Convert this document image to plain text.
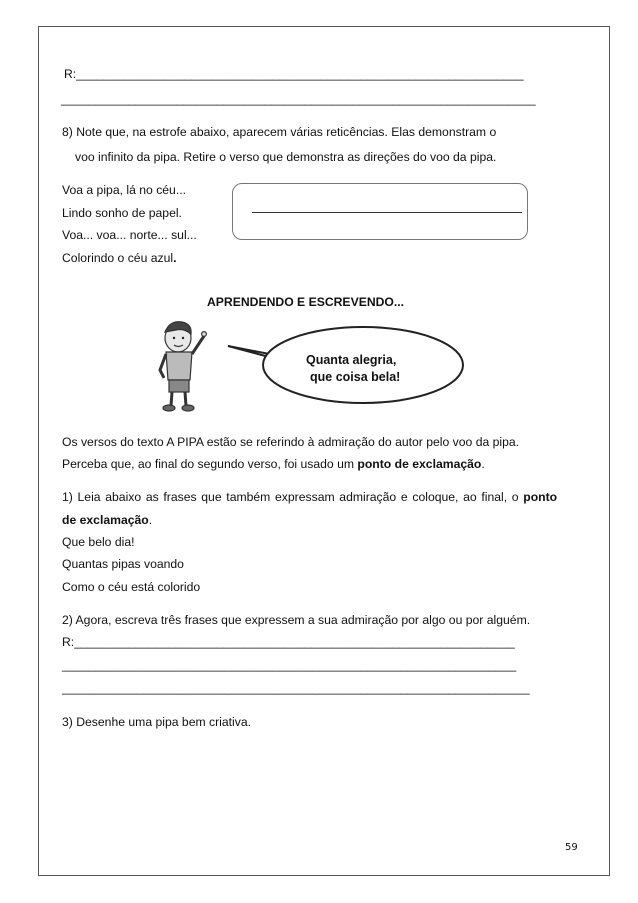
R:__________________________________________________________________
______________________________________________________________________
8) Note que, na estrofe abaixo, aparecem várias reticências. Elas demonstram o
voo infinito da pipa. Retire o verso que demonstra as direções do voo da pipa.
Voa a pipa, lá no céu...
Lindo sonho de papel.
Voa... voa... norte... sul...
Colorindo o céu azul.
APRENDENDO E ESCREVENDO...
Quanta alegria,
que coisa bela!
Os versos do texto A PIPA estão se referindo à admiração do autor pelo voo da pipa.
Perceba que, ao final do segundo verso, foi usado um ponto de exclamação.
1) Leia abaixo as frases que também expressam admiração e coloque, ao final, o ponto
de exclamação.
Que belo dia!
Quantas pipas voando
Como o céu está colorido
2) Agora, escreva três frases que expressem a sua admiração por algo ou por alguém.
R:_________________________________________________________________
___________________________________________________________________
_____________________________________________________________________
3) Desenhe uma pipa bem criativa.
59
